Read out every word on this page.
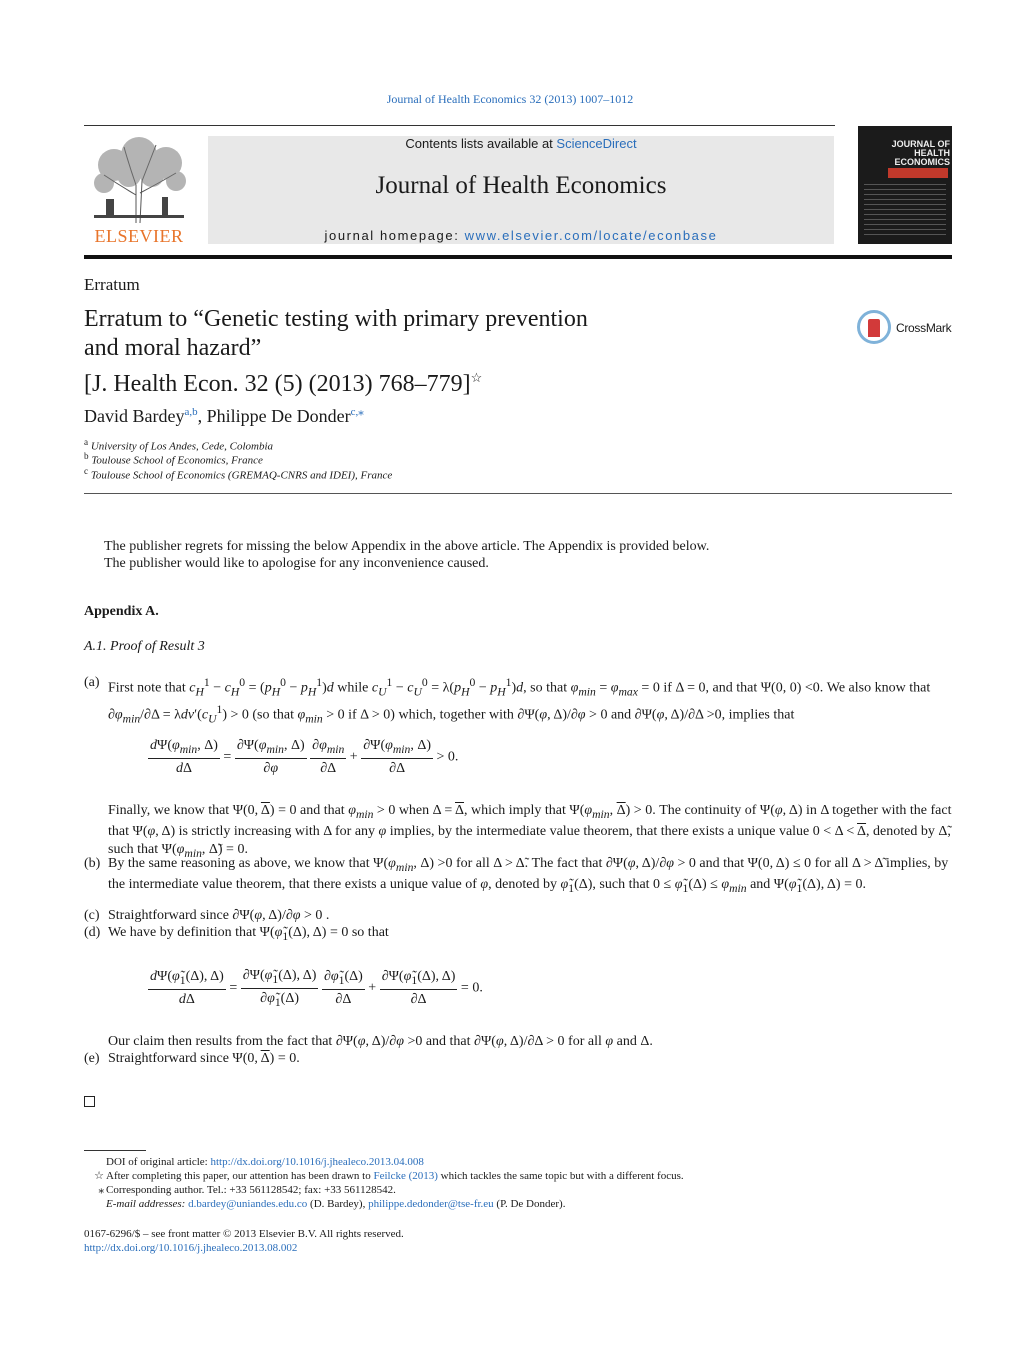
Journal of Health Economics 32 (2013) 1007–1012
ELSEVIER
Contents lists available at ScienceDirect
Journal of Health Economics
journal homepage: www.elsevier.com/locate/econbase
JOURNAL OF
HEALTH
ECONOMICS
Erratum
Erratum to “Genetic testing with primary prevention
and moral hazard”
[J. Health Econ. 32 (5) (2013) 768–779]☆
CrossMark
David Bardey$^{a,b}$, Philippe De Donder$^{c,⁎}$
$^a$ University of Los Andes, Cede, Colombia
$^b$ Toulouse School of Economics, France
$^c$ Toulouse School of Economics (GREMAQ-CNRS and IDEI), France
The publisher regrets for missing the below Appendix in the above article. The Appendix is provided below.
The publisher would like to apologise for any inconvenience caused.
Appendix A.
A.1. Proof of Result 3
(a) First note that $c_H^1 - c_H^0 = (p_H^0 - p_H^1)d$ while $c_U^1 - c_U^0 = \lambda(p_H^0 - p_H^1)d$, so that $\varphi_{min} = \varphi_{max} = 0$ if Δ = 0, and that Ψ(0, 0) <0. We also know that $\partial\varphi_{min}/\partial\Delta = \lambda dv'(c_U^1) > 0$ (so that $\varphi_{min} > 0$ if Δ > 0) which, together with ∂Ψ(φ, Δ)/∂φ > 0 and ∂Ψ(φ, Δ)/∂Δ >0, implies that
$\frac{d\Psi(\varphi_{min}, \Delta)}{d\Delta} = \frac{\partial\Psi(\varphi_{min}, \Delta)}{\partial\varphi}$
$\frac{\partial\varphi_{min}}{\partial\Delta} + \frac{\partial\Psi(\varphi_{min}, \Delta)}{\partial\Delta} > 0$.
Finally, we know that Ψ(0, $\overline{\Delta}) = 0$ and that $\varphi_{min} > 0$ when $\Delta = \overline{\Delta}$, which imply that $\Psi(\varphi_{min}$, $\overline{\Delta}) > 0$. The continuity of Ψ(φ, Δ) in Δ together with the fact that Ψ(φ, Δ) is strictly increasing with Δ for any φ implies, by the intermediate value theorem, that there exists a unique value $0 < \Delta < \overline{\Delta}$, denoted by Δ̃, such that $\Psi(\varphi_{min}$, Δ̃) = 0.
(b) By the same reasoning as above, we know that $\Psi(\varphi_{min}$, Δ) >0 for all Δ > Δ̃. The fact that ∂Ψ(φ, Δ)/∂φ > 0 and that Ψ(0, Δ) ≤ 0 for all Δ > Δ̃ implies, by the intermediate value theorem, that there exists a unique value of φ, denoted by $\varphĩ_1(\Delta)$, such that $0 \le \varphĩ_1(\Delta) \le \varphi_{min}$ and $\Psi(\varphĩ_1(\Delta)$, Δ) = 0.
(c) Straightforward since ∂Ψ(φ, Δ)/∂φ > 0 .
(d) We have by definition that $\Psi(\varphĩ_1(\Delta)$, Δ) = 0 so that
$\frac{d\Psi(\varphĩ_1(\Delta), \Delta)}{d\Delta} = \frac{\partial\Psi(\varphĩ_1(\Delta), \Delta)}{\partial\varphĩ_1(\Delta)}$
$\frac{\partial\varphĩ_1(\Delta)}{\partial\Delta} + \frac{\partial\Psi(\varphĩ_1(\Delta), \Delta)}{\partial\Delta} = 0$.
Our claim then results from the fact that ∂Ψ(φ, Δ)/∂φ >0 and that ∂Ψ(φ, Δ)/∂Δ > 0 for all φ and Δ.
(e) Straightforward since Ψ(0, $\overline{\Delta}) = 0$.
DOI of original article: http://dx.doi.org/10.1016/j.jhealeco.2013.04.008
☆ After completing this paper, our attention has been drawn to Feilcke (2013) which tackles the same topic but with a different focus.
⁎ Corresponding author. Tel.: +33 561128542; fax: +33 561128542.
E-mail addresses: d.bardey@uniandes.edu.co (D. Bardey), philippe.dedonder@tse-fr.eu (P. De Donder).
0167-6296/$ – see front matter © 2013 Elsevier B.V. All rights reserved.
http://dx.doi.org/10.1016/j.jhealeco.2013.08.002
